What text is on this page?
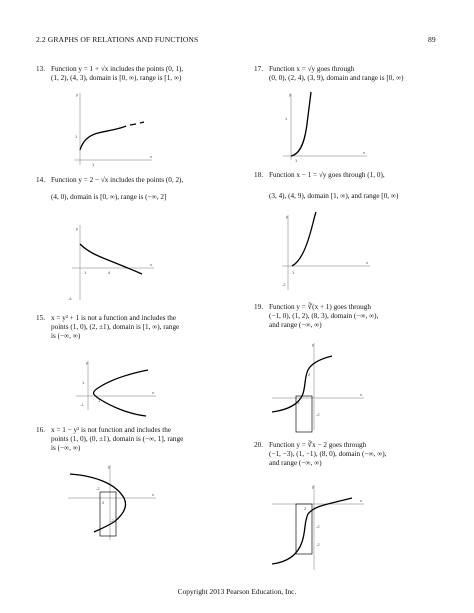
2.2 GRAPHS OF RELATIONS AND FUNCTIONS	89
13. Function y = 1 + √x includes the points (0, 1),
(1, 2), (4, 3), domain is [0, ∞), range is [1, ∞)
y
x
1
1
14. Function y = 2 − √x includes the points (0, 2),
(4, 0), domain is [0, ∞), range is (−∞, 2]
y
x
1	4
-4
15. x = y² + 1 is not a function and includes the
points (1, 0), (2, ±1), domain is [1, ∞), range
is (−∞, ∞)
y
x
1
1
-1
16. x = 1 − y² is not function and includes the
points (1, 0), (0, ±1), domain is (−∞, 1], range
is (−∞, ∞)
y
x
-2
2
-2
17. Function x = √y goes through
(0, 0), (2, 4), (3, 9), domain and range is [0, ∞)
y
x
1
1
18. Function x − 1 = √y goes through (1, 0),
(3, 4), (4, 9), domain [1, ∞), and range [0, ∞)
y
x
1
-2
19. Function y = ∛(x + 1) goes through
(−1, 0), (1, 2), (8, 3), domain (−∞, ∞),
and range (−∞, ∞)
y
x
2
-2
-2
20. Function y = ∛x − 2 goes through
(−1, −3), (1, −1), (8, 0), domain (−∞, ∞),
and range (−∞, ∞)
y
x
2
-2
-2
Copyright 2013 Pearson Education, Inc.
